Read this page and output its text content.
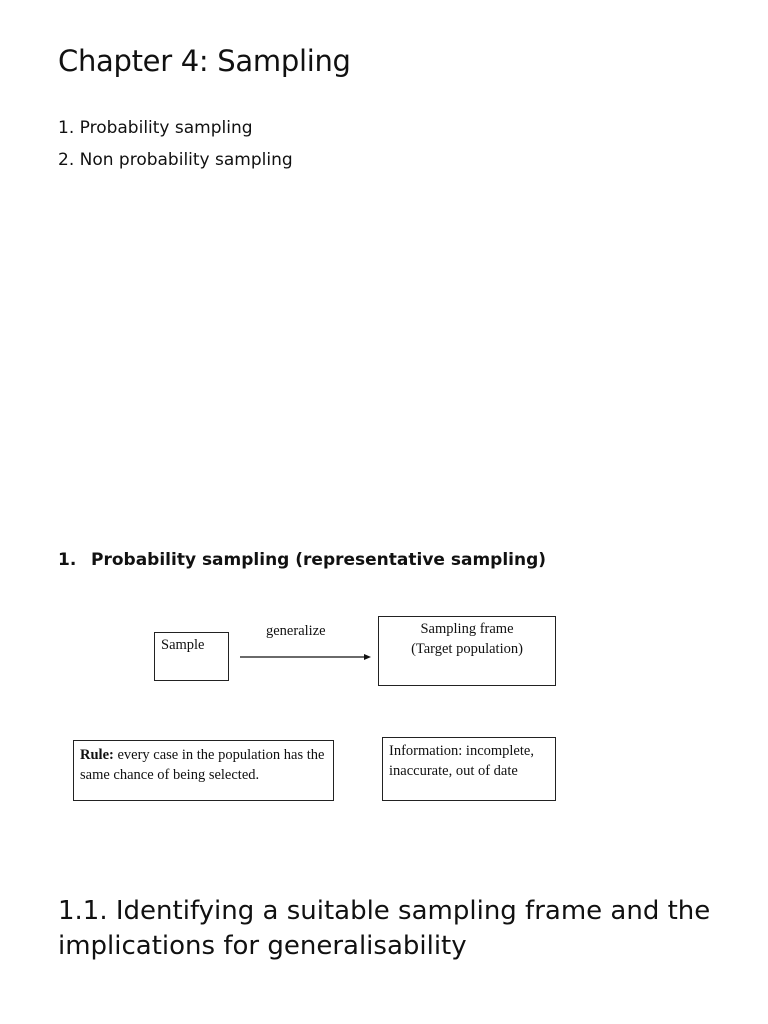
Chapter 4: Sampling
1. Probability sampling
2. Non probability sampling
1. Probability sampling (representative sampling)
Sample
generalize	Sampling frame
(Target population)
Rule: every case in the population has the same chance of being selected.
Information: incomplete, inaccurate, out of date
1.1. Identifying a suitable sampling frame and the implications for generalisability
